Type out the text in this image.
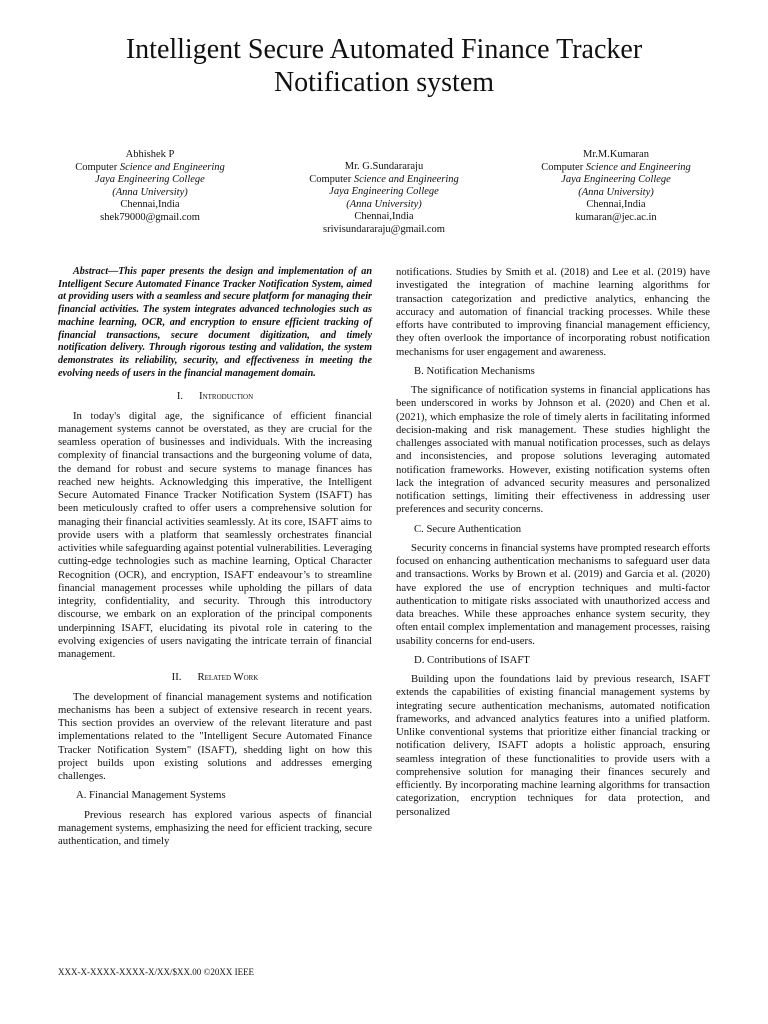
Intelligent Secure Automated Finance Tracker Notification system
Abhishek P
Computer Science and Engineering
Jaya Engineering College
(Anna University)
Chennai,India
shek79000@gmail.com
Mr. G.Sundararaju
Computer Science and Engineering
Jaya Engineering College
(Anna University)
Chennai,India
srivisundararaju@gmail.com
Mr.M.Kumaran
Computer Science and Engineering
Jaya Engineering College
(Anna University)
Chennai,India
kumaran@jec.ac.in

Abstract—This paper presents the design and implementation of an Intelligent Secure Automated Finance Tracker Notification System, aimed at providing users with a seamless and secure platform for managing their financial activities. The system integrates advanced technologies such as machine learning, OCR, and encryption to ensure efficient tracking of financial transactions, secure document digitization, and timely notification delivery. Through rigorous testing and validation, the system demonstrates its reliability, security, and effectiveness in meeting the evolving needs of users in the financial management domain.

I. Introduction

In today's digital age, the significance of efficient financial management systems cannot be overstated, as they are crucial for the seamless operation of businesses and individuals. With the increasing complexity of financial transactions and the burgeoning volume of data, the demand for robust and secure systems to manage finances has reached new heights. Acknowledging this imperative, the Intelligent Secure Automated Finance Tracker Notification System (ISAFT) has been meticulously crafted to offer users a comprehensive solution for managing their financial activities seamlessly. At its core, ISAFT aims to provide users with a platform that seamlessly orchestrates financial activities while safeguarding against potential vulnerabilities. Leveraging cutting-edge technologies such as machine learning, Optical Character Recognition (OCR), and encryption, ISAFT endeavour’s to streamline financial management processes while upholding the pillars of data integrity, confidentiality, and security. Through this introductory discourse, we embark on an exploration of the principal components underpinning ISAFT, elucidating its pivotal role in catering to the evolving exigencies of users navigating the intricate terrain of financial management.

II. Related Work

The development of financial management systems and notification mechanisms has been a subject of extensive research in recent years. This section provides an overview of the relevant literature and past implementations related to the "Intelligent Secure Automated Finance Tracker Notification System" (ISAFT), shedding light on how this project builds upon existing solutions and addresses emerging challenges.

A. Financial Management Systems

Previous research has explored various aspects of financial management systems, emphasizing the need for efficient tracking, secure authentication, and timely

notifications. Studies by Smith et al. (2018) and Lee et al. (2019) have investigated the integration of machine learning algorithms for transaction categorization and predictive analytics, enhancing the accuracy and automation of financial tracking processes. While these efforts have contributed to improving financial management efficiency, they often overlook the importance of incorporating robust notification mechanisms for user engagement and awareness.

B. Notification Mechanisms

The significance of notification systems in financial applications has been underscored in works by Johnson et al. (2020) and Chen et al. (2021), which emphasize the role of timely alerts in facilitating informed decision-making and risk management. These studies highlight the challenges associated with manual notification processes, such as delays and inconsistencies, and propose solutions leveraging automated notification frameworks. However, existing notification systems often lack the integration of advanced security measures and personalized notification settings, limiting their effectiveness in addressing user preferences and security concerns.

C. Secure Authentication

Security concerns in financial systems have prompted research efforts focused on enhancing authentication mechanisms to safeguard user data and transactions. Works by Brown et al. (2019) and Garcia et al. (2020) have explored the use of encryption techniques and multi-factor authentication to mitigate risks associated with unauthorized access and data breaches. While these approaches enhance system security, they often entail complex implementation and management processes, raising usability concerns for end-users.

D. Contributions of ISAFT

Building upon the foundations laid by previous research, ISAFT extends the capabilities of existing financial management systems by integrating secure authentication mechanisms, automated notification frameworks, and advanced analytics features into a unified platform. Unlike conventional systems that prioritize either financial tracking or notification delivery, ISAFT adopts a holistic approach, ensuring seamless integration of these functionalities to provide users with a comprehensive solution for managing their finances securely and efficiently. By incorporating machine learning algorithms for transaction categorization, encryption techniques for data protection, and personalized

XXX-X-XXXX-XXXX-X/XX/$XX.00 ©20XX IEEE
